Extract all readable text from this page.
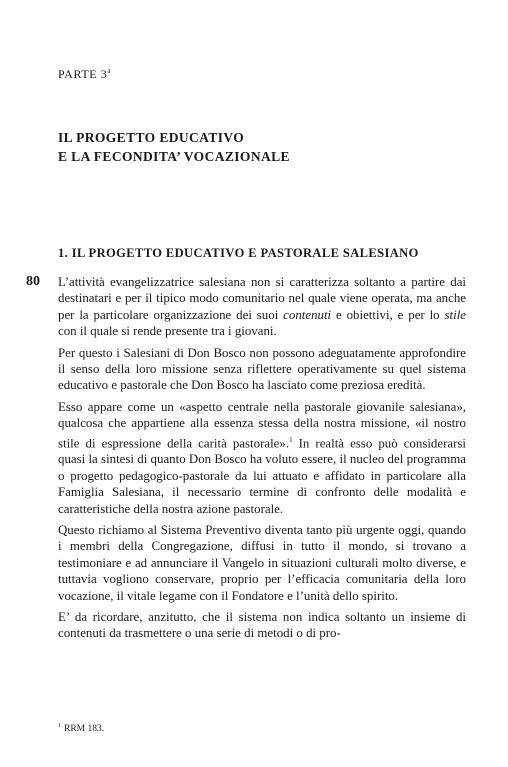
PARTE 3$^a$
IL PROGETTO EDUCATIVO
E LA FECONDITA’ VOCAZIONALE
1. IL PROGETTO EDUCATIVO E PASTORALE SALESIANO
80 L’attività evangelizzatrice salesiana non si caratterizza soltanto a partire dai destinatari e per il tipico modo comunitario nel quale viene operata, ma anche per la particolare organizzazione dei suoi contenuti e obiettivi, e per lo stile con il quale si rende presente tra i giovani.

Per questo i Salesiani di Don Bosco non possono adeguatamente approfondire il senso della loro missione senza riflettere operativamente su quel sistema educativo e pastorale che Don Bosco ha lasciato come preziosa eredità.

Esso appare come un «aspetto centrale nella pastorale giovanile salesiana», qualcosa che appartiene alla essenza stessa della nostra missione, «il nostro stile di espressione della carità pastorale».$^1$ In realtà esso può considerarsi quasi la sintesi di quanto Don Bosco ha voluto essere, il nucleo del programma o progetto pedagogico-pastorale da lui attuato e affidato in particolare alla Famiglia Salesiana, il necessario termine di confronto delle modalità e caratteristiche della nostra azione pastorale.

Questo richiamo al Sistema Preventivo diventa tanto più urgente oggi, quando i membri della Congregazione, diffusi in tutto il mondo, si trovano a testimoniare e ad annunciare il Vangelo in situazioni culturali molto diverse, e tuttavia vogliono conservare, proprio per l’efficacia comunitaria della loro vocazione, il vitale legame con il Fondatore e l’unità dello spirito.

E’ da ricordare, anzitutto, che il sistema non indica soltanto un insieme di contenuti da trasmettere o una serie di metodi o di pro-

$^1$ RRM 183.
